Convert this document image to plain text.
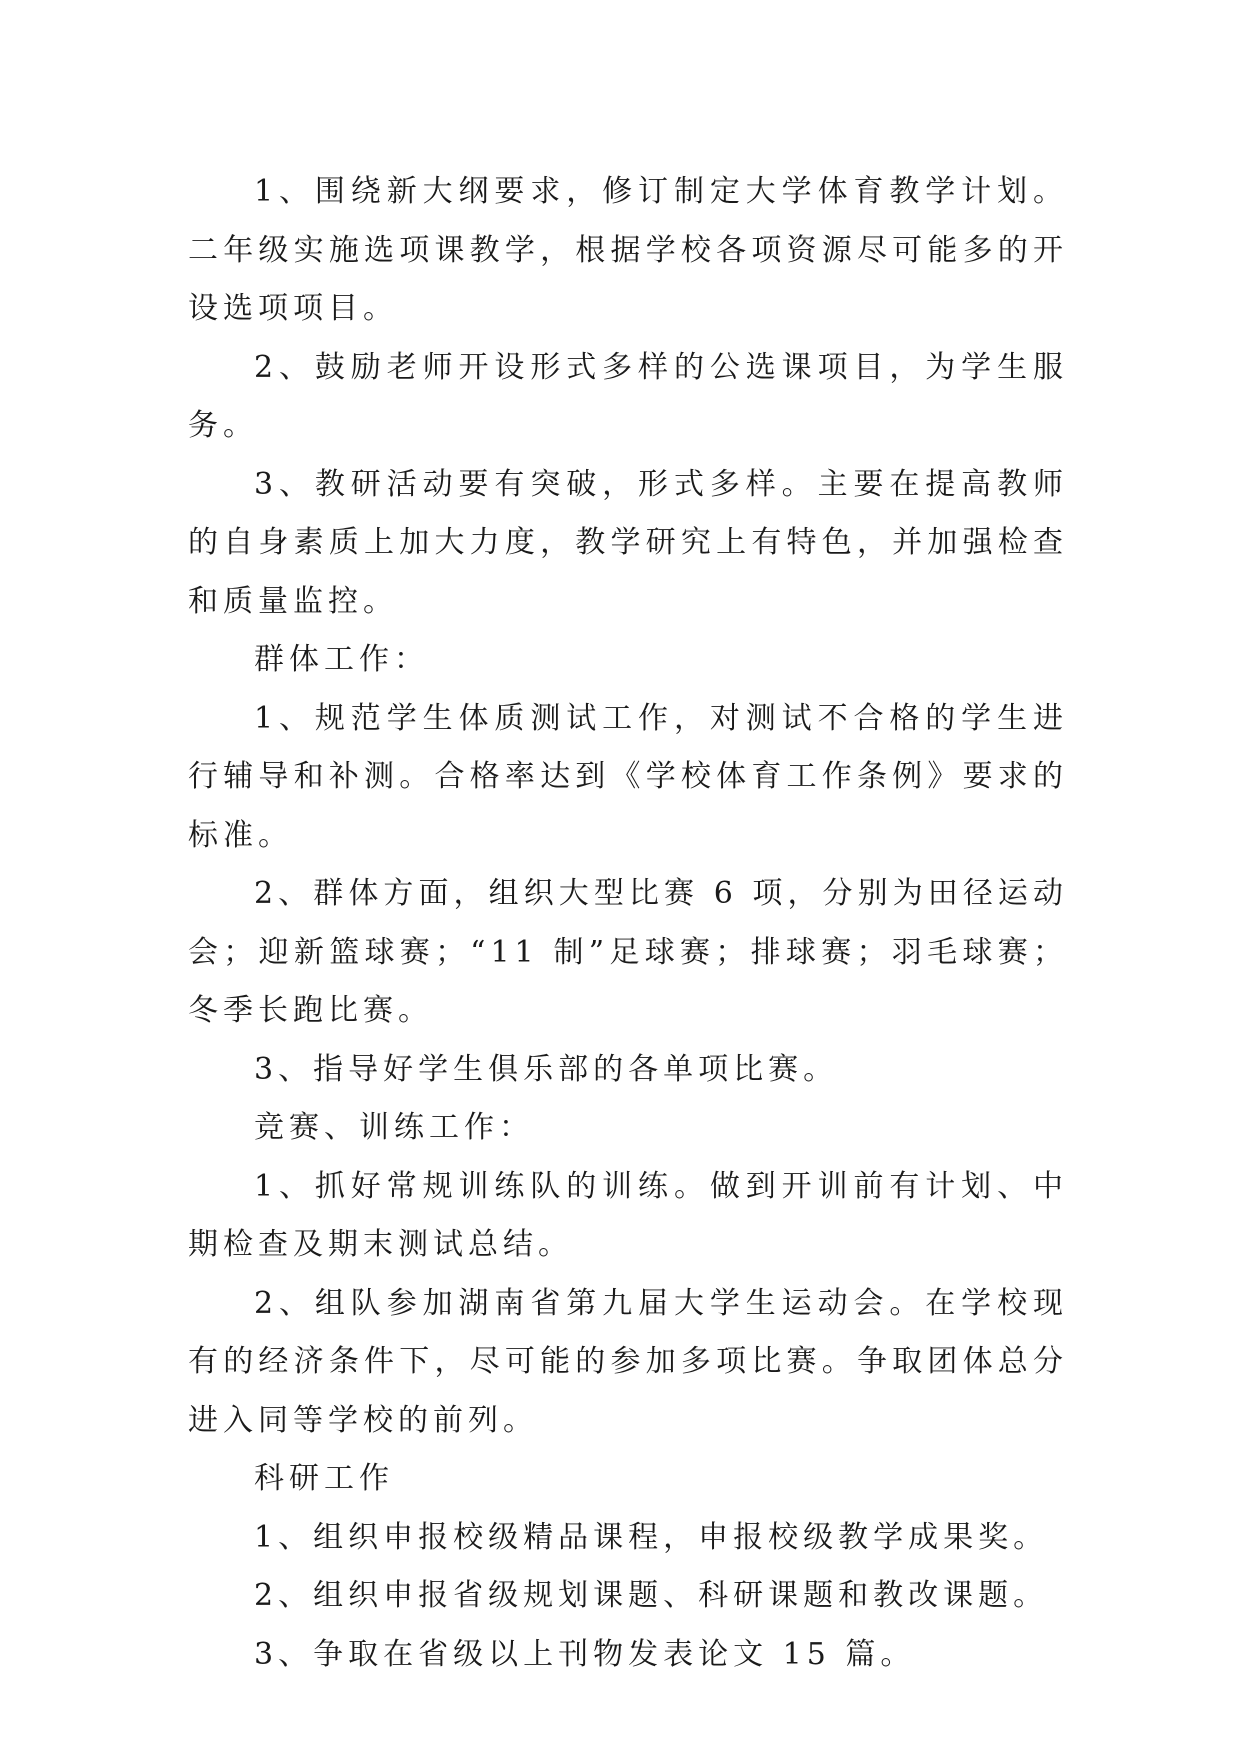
1、围绕新大纲要求，修订制定大学体育教学计划。二年级实施选项课教学，根据学校各项资源尽可能多的开设选项项目。

2、鼓励老师开设形式多样的公选课项目，为学生服务。

3、教研活动要有突破，形式多样。主要在提高教师的自身素质上加大力度，教学研究上有特色，并加强检查和质量监控。

群体工作：

1、规范学生体质测试工作，对测试不合格的学生进行辅导和补测。合格率达到《学校体育工作条例》要求的标准。

2、群体方面，组织大型比赛 6 项，分别为田径运动会；迎新篮球赛；“11 制”足球赛；排球赛；羽毛球赛；冬季长跑比赛。

3、指导好学生俱乐部的各单项比赛。

竞赛、训练工作：

1、抓好常规训练队的训练。做到开训前有计划、中期检查及期末测试总结。

2、组队参加湖南省第九届大学生运动会。在学校现有的经济条件下，尽可能的参加多项比赛。争取团体总分进入同等学校的前列。

科研工作

1、组织申报校级精品课程，申报校级教学成果奖。

2、组织申报省级规划课题、科研课题和教改课题。

3、争取在省级以上刊物发表论文 15 篇。
